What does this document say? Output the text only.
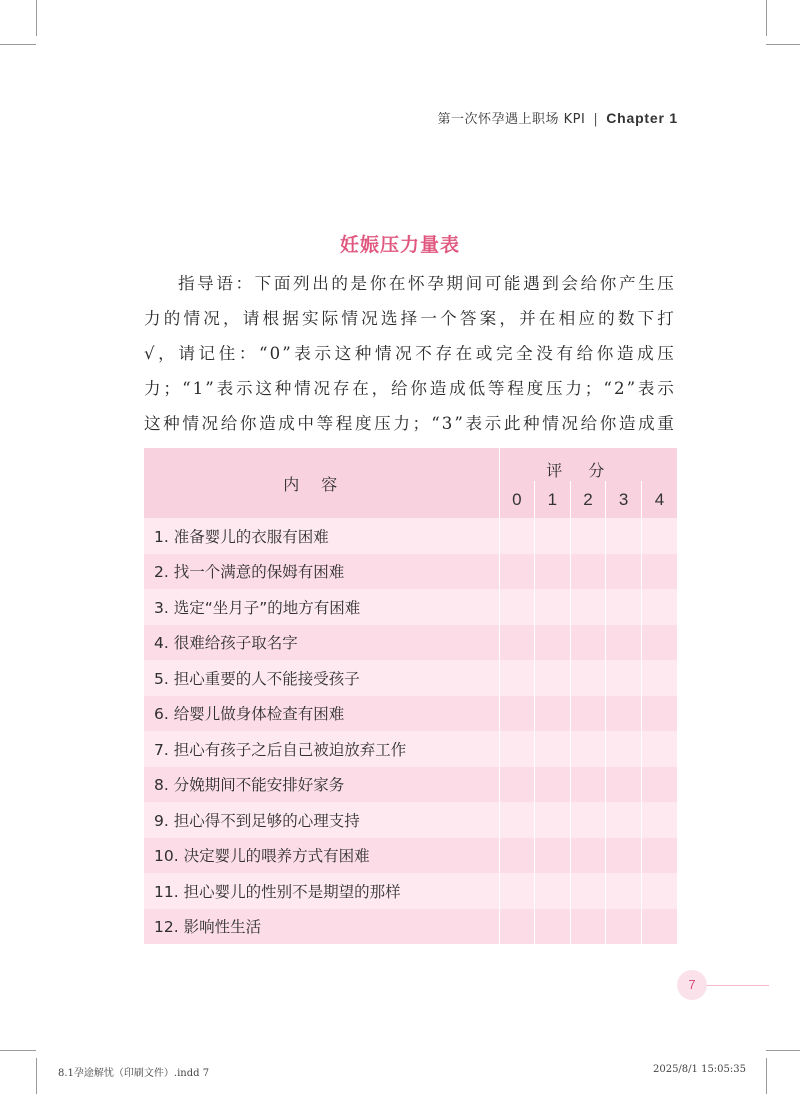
第一次怀孕遇上职场 KPI | Chapter 1
妊娠压力量表

指导语：下面列出的是你在怀孕期间可能遇到会给你产生压力的情况，请根据实际情况选择一个答案，并在相应的数下打√，请记住：“0”表示这种情况不存在或完全没有给你造成压力；“1”表示这种情况存在，给你造成低等程度压力；“2”表示这种情况给你造成中等程度压力；“3”表示此种情况给你造成重

内容	评分				
	0	1	2	3	4
1. 准备婴儿的衣服有困难					
2. 找一个满意的保姆有困难					
3. 选定“坐月子”的地方有困难					
4. 很难给孩子取名字					
5. 担心重要的人不能接受孩子					
6. 给婴儿做身体检查有困难					
7. 担心有孩子之后自己被迫放弃工作					
8. 分娩期间不能安排好家务					
9. 担心得不到足够的心理支持					
10. 决定婴儿的喂养方式有困难					
11. 担心婴儿的性别不是期望的那样					
12. 影响性生活					
7
8.1孕途解忧（印刷文件）.indd 7	2025/8/1 15:05:35
